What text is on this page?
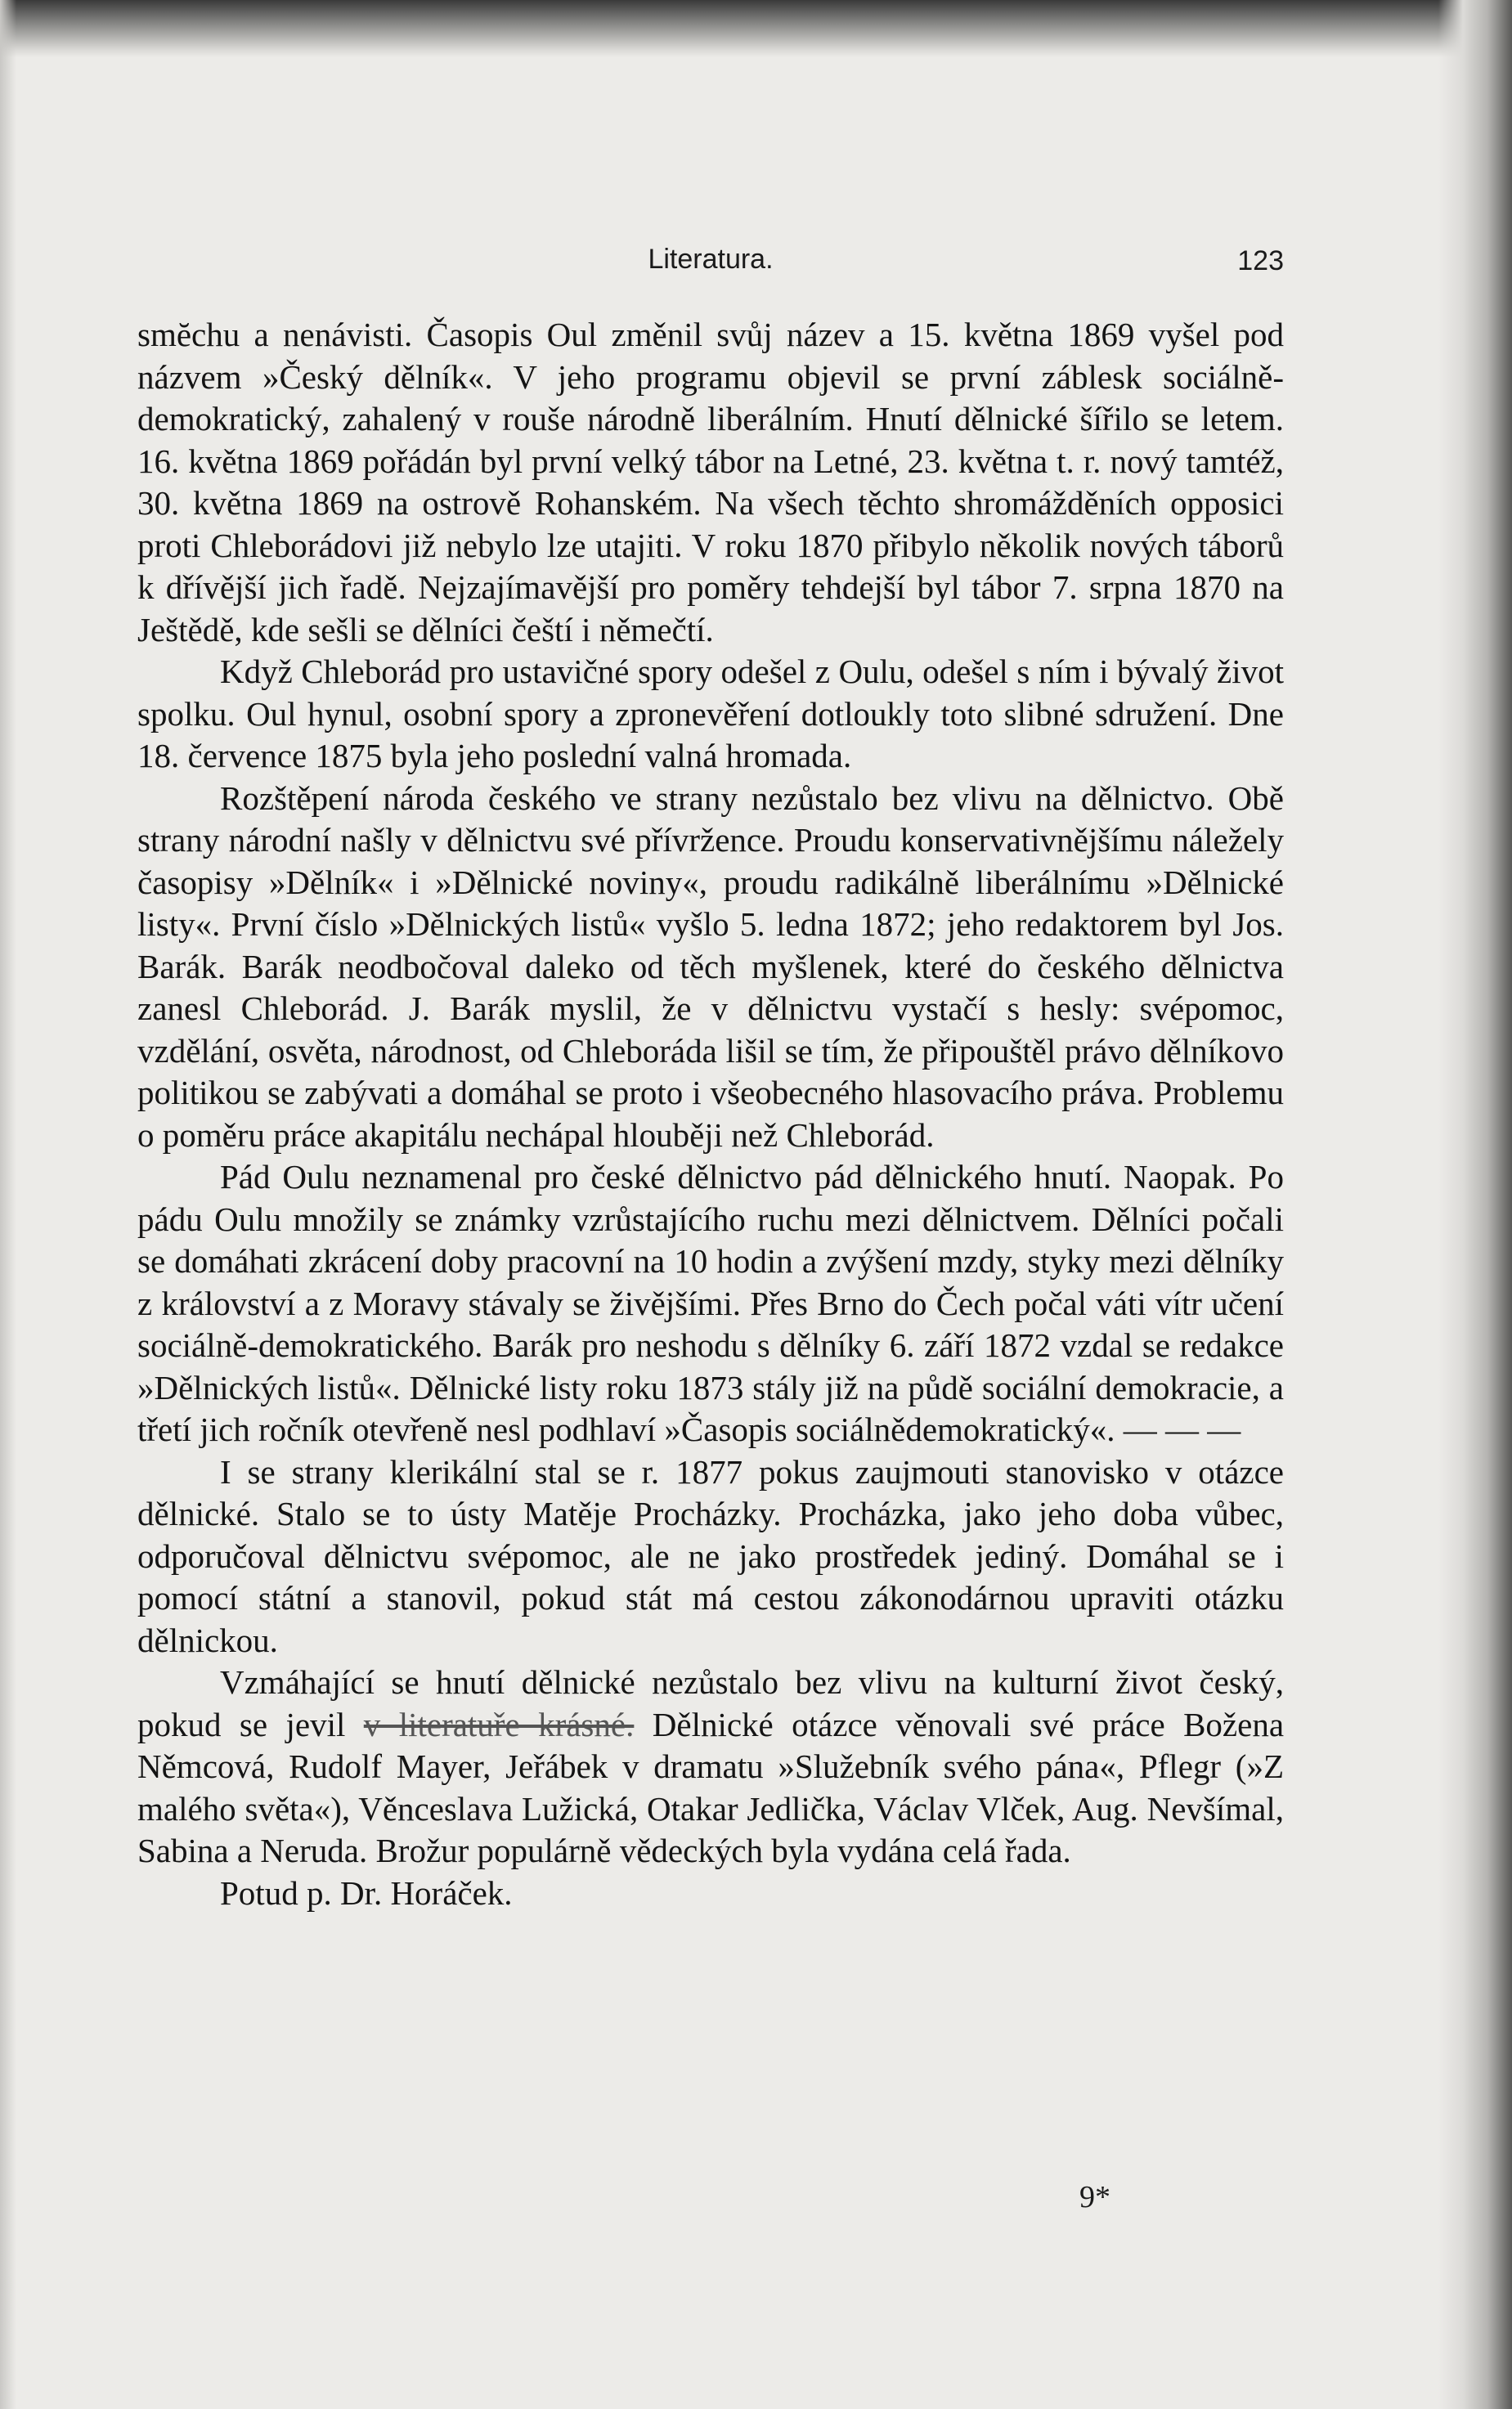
Literatura.	123

smĕchu a nenávisti. Časopis Oul změnil svůj název a 15. května 1869 vyšel pod názvem »Český dělník«. V jeho programu objevil se první záblesk sociálně-demokratický, zahalený v rouše národně liberálním. Hnutí dělnické šířilo se letem. 16. května 1869 pořádán byl první velký tábor na Letné, 23. května t. r. nový tamtéž, 30. května 1869 na ostrově Rohanském. Na všech těchto shromážděních opposici proti Chleborádovi již nebylo lze utajiti. V roku 1870 přibylo několik nových táborů k dřívější jich řadě. Nejzajímavější pro poměry tehdejší byl tábor 7. srpna 1870 na Ještědě, kde sešli se dělníci čeští i němečtí.

Když Chleborád pro ustavičné spory odešel z Oulu, odešel s ním i bývalý život spolku. Oul hynul, osobní spory a zpronevěření dotloukly toto slibné sdružení. Dne 18. července 1875 byla jeho poslední valná hromada.

Rozštěpení národa českého ve strany nezůstalo bez vlivu na dělnictvo. Obě strany národní našly v dělnictvu své přívržence. Proudu konservativnějšímu náležely časopisy »Dělník« i »Dělnické noviny«, proudu radikálně liberálnímu »Dělnické listy«. První číslo »Dělnických listů« vyšlo 5. ledna 1872; jeho redaktorem byl Jos. Barák. Barák neodbočoval daleko od těch myšlenek, které do českého dělnictva zanesl Chleborád. J. Barák myslil, že v dělnictvu vystačí s hesly: svépomoc, vzdělání, osvěta, národnost, od Chleboráda lišil se tím, že připouštěl právo dělníkovo politikou se zabývati a domáhal se proto i všeobecného hlasovacího práva. Problemu o poměru práce akapitálu nechápal hlouběji než Chleborád.

Pád Oulu neznamenal pro české dělnictvo pád dělnického hnutí. Naopak. Po pádu Oulu množily se známky vzrůstajícího ruchu mezi dělnictvem. Dělníci počali se domáhati zkrácení doby pracovní na 10 hodin a zvýšení mzdy, styky mezi dělníky z království a z Moravy stávaly se živějšími. Přes Brno do Čech počal váti vítr učení sociálně-demokratického. Barák pro neshodu s dělníky 6. září 1872 vzdal se redakce »Dělnických listů«. Dělnické listy roku 1873 stály již na půdě sociální demokracie, a třetí jich ročník otevřeně nesl podhlaví »Časopis sociálnědemokratický«. — — —

I se strany klerikální stal se r. 1877 pokus zaujmouti stanovisko v otázce dělnické. Stalo se to ústy Matěje Procházky. Procházka, jako jeho doba vůbec, odporučoval dělnictvu svépomoc, ale ne jako prostředek jediný. Domáhal se i pomocí státní a stanovil, pokud stát má cestou zákonodárnou upraviti otázku dělnickou.

Vzmáhající se hnutí dělnické nezůstalo bez vlivu na kulturní život český, pokud se jevil v literatuře krásné. Dělnické otázce věnovali své práce Božena Němcová, Rudolf Mayer, Jeřábek v dramatu »Služebník svého pána«, Pflegr (»Z malého světa«), Věnceslava Lužická, Otakar Jedlička, Václav Vlček, Aug. Nevšímal, Sabina a Neruda. Brožur populárně vědeckých byla vydána celá řada.

Potud p. Dr. Horáček.

9*
